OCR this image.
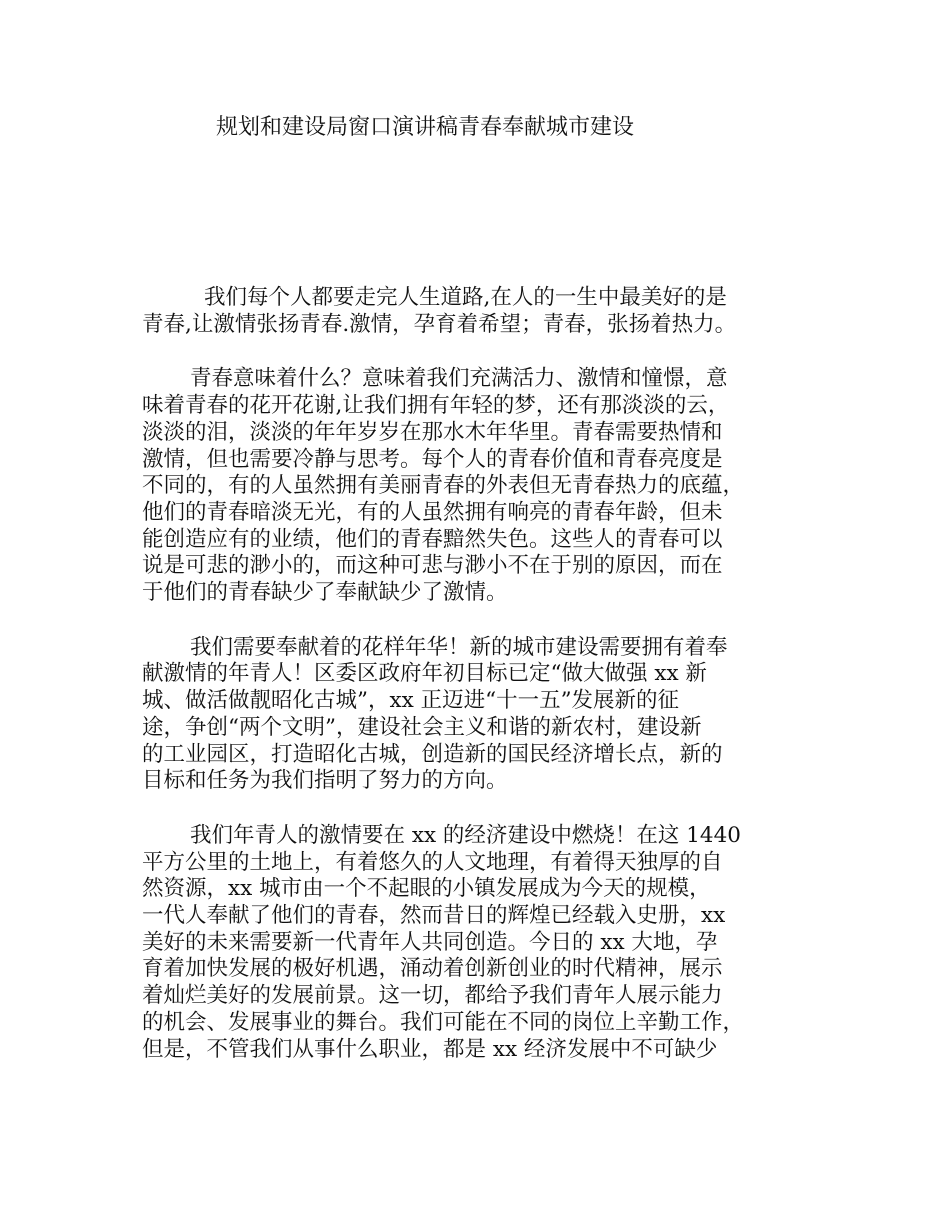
规划和建设局窗口演讲稿青春奉献城市建设

我们每个人都要走完人生道路,在人的一生中最美好的是
青春,让激情张扬青春.激情，孕育着希望；青春，张扬着热力。

青春意味着什么？意味着我们充满活力、激情和憧憬，意
味着青春的花开花谢,让我们拥有年轻的梦，还有那淡淡的云，
淡淡的泪，淡淡的年年岁岁在那水木年华里。青春需要热情和
激情，但也需要冷静与思考。每个人的青春价值和青春亮度是
不同的，有的人虽然拥有美丽青春的外表但无青春热力的底蕴，
他们的青春暗淡无光，有的人虽然拥有响亮的青春年龄，但未
能创造应有的业绩，他们的青春黯然失色。这些人的青春可以
说是可悲的渺小的，而这种可悲与渺小不在于别的原因，而在
于他们的青春缺少了奉献缺少了激情。

我们需要奉献着的花样年华！新的城市建设需要拥有着奉
献激情的年青人！区委区政府年初目标已定“做大做强 xx 新
城、做活做靓昭化古城”，xx 正迈进“十一五”发展新的征
途，争创“两个文明”，建设社会主义和谐的新农村，建设新
的工业园区，打造昭化古城，创造新的国民经济增长点，新的
目标和任务为我们指明了努力的方向。

我们年青人的激情要在 xx 的经济建设中燃烧！在这 1440
平方公里的土地上，有着悠久的人文地理，有着得天独厚的自
然资源，xx 城市由一个不起眼的小镇发展成为今天的规模，
一代人奉献了他们的青春，然而昔日的辉煌已经载入史册，xx
美好的未来需要新一代青年人共同创造。今日的 xx 大地，孕
育着加快发展的极好机遇，涌动着创新创业的时代精神，展示
着灿烂美好的发展前景。这一切，都给予我们青年人展示能力
的机会、发展事业的舞台。我们可能在不同的岗位上辛勤工作，
但是，不管我们从事什么职业，都是 xx 经济发展中不可缺少
